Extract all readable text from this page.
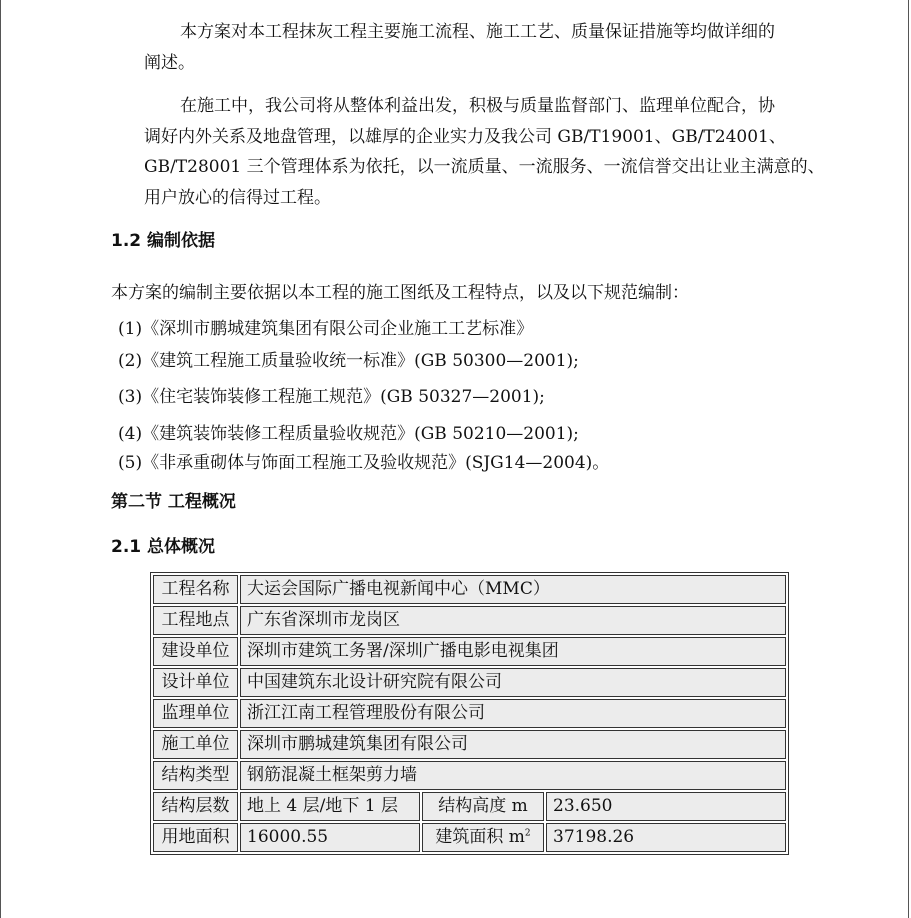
本方案对本工程抹灰工程主要施工流程、施工工艺、质量保证措施等均做详细的
阐述。
在施工中，我公司将从整体利益出发，积极与质量监督部门、监理单位配合，协
调好内外关系及地盘管理，以雄厚的企业实力及我公司 GB/T19001、GB/T24001、
GB/T28001 三个管理体系为依托，以一流质量、一流服务、一流信誉交出让业主满意的、
用户放心的信得过工程。
1.2 编制依据
本方案的编制主要依据以本工程的施工图纸及工程特点，以及以下规范编制：
(1)《深圳市鹏城建筑集团有限公司企业施工工艺标准》
(2)《建筑工程施工质量验收统一标准》(GB 50300—2001);
(3)《住宅装饰装修工程施工规范》(GB 50327—2001);
(4)《建筑装饰装修工程质量验收规范》(GB 50210—2001);
(5)《非承重砌体与饰面工程施工及验收规范》(SJG14—2004)。
第二节 工程概况
2.1 总体概况
工程名称	大运会国际广播电视新闻中心（MMC）		
工程地点	广东省深圳市龙岗区		
建设单位	深圳市建筑工务署/深圳广播电影电视集团		
设计单位	中国建筑东北设计研究院有限公司		
监理单位	浙江江南工程管理股份有限公司		
施工单位	深圳市鹏城建筑集团有限公司		
结构类型	钢筋混凝土框架剪力墙		
结构层数	地上 4 层/地下 1 层	结构高度 m	23.650
用地面积	16000.55	建筑面积 $m^2$	37198.26
